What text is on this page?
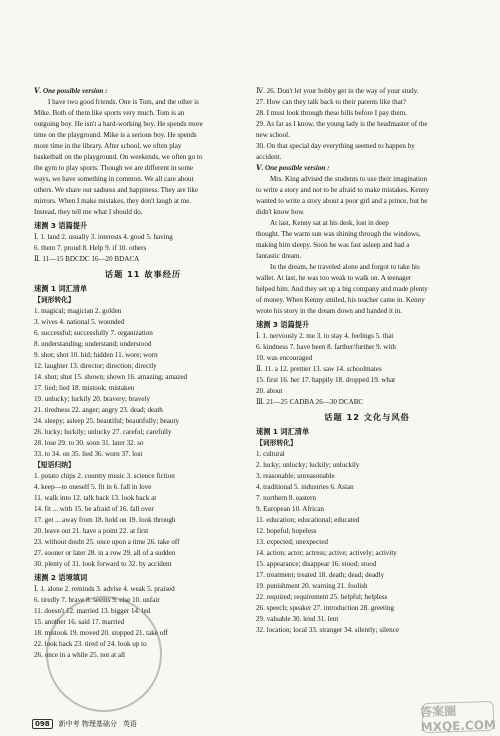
Ⅴ. One possible version :
I have two good friends. One is Tom, and the other is
Mike. Both of them like sports very much. Tom is an
outgoing boy. He isn't a hard-working boy. He spends more
time on the playground. Mike is a serious boy. He spends
more time in the library. After school, we often play
basketball on the playground. On weekends, we often go to
the gym to play sports. Though we are different in some
ways, we have something in common. We all care about
others. We share our sadness and happiness. They are like
mirrors. When I make mistakes, they don't laugh at me.
Instead, they tell me what I should do.
速测 3 语篇提升
Ⅰ. 1. land 2. usually 3. interests 4. good 5. having
6. them 7. proud 8. Help 9. if 10. others
Ⅱ. 11—15 BDCDC 16—20 BDACA
话题 11 故事经历
速测 1 词汇清单
【词形转化】
1. magical; magician 2. golden
3. wives 4. national 5. wounded
6. successful; successfully 7. organization
8. understanding; understand; understood
9. shot; shot 10. hid; hidden 11. wore; worn
12. laughter 13. director; direction; directly
14. shut; shut 15. shown; shown 16. amazing; amazed
17. lied; lied 18. mistook; mistaken
19. unlucky; luckily 20. bravery; bravely
21. tiredness 22. anger; angry 23. dead; death
24. sleepy; asleep 25. beautiful; beautifully; beauty
26. lucky; luckily; unlucky 27. careful; carefully
28. lose 29. to 30. soon 31. later 32. so
33. to 34. on 35. lied 36. worn 37. lost
【短语归纳】
1. potato chips 2. country music 3. science fiction
4. keep—to oneself 5. fit in 6. fall in love
11. walk into 12. talk back 13. look back at
14. fit ... with 15. be afraid of 16. fall over
17. get ... away from 18. hold on 19. look through
20. leave out 21. have a point 22. at first
23. without doubt 25. once upon a time 26. take off
27. sooner or later 28. in a row 29. all of a sudden
30. plenty of 31. look forward to 32. by accident
速测 2 语境填词
Ⅰ. 1. alone 2. reminds 3. advise 4. weak 5. praised
6. tiredly 7. brave 8. seems 9. else 10. unfair
11. doesn't 12. married 13. bigger 14. led
15. another 16. said 17. married
18. mistook 19. moved 20. stopped 21. take off
22. look back 23. tired of 24. look up to
26. once in a while 25. not at all
Ⅳ. 26. Don't let your hobby get in the way of your study.
27. How can they talk back to their parents like that?
28. I must look through these bills before I pay them.
29. As far as I know, the young lady is the headmaster of the
new school.
30. On that special day everything seemed to happen by
accident.
Ⅴ. One possible version :
Mrs. King advised the students to use their imagination
to write a story and not to be afraid to make mistakes. Kenny
wanted to write a story about a poor girl and a prince, but he
didn't know how.
At last, Kenny sat at his desk, lost in deep
thought. The warm sun was shining through the windows,
making him sleepy. Soon he was fast asleep and had a
fantastic dream.
In the dream, he traveled alone and forgot to take his
wallet. At last, he was too weak to walk on. A teenager
helped him. And they set up a big company and made plenty
of money. When Kenny smiled, his teacher came in. Kenny
wrote his story in the dream down and handed it in.
速测 3 语篇提升
Ⅰ. 1. nervously 2. me 3. to stay 4. feelings 5. that
6. kindness 7. have been 8. farther/further 9. with
10. was encouraged
Ⅱ. 11. a 12. prettier 13. saw 14. schoolmates
15. first 16. her 17. happily 18. dropped 19. what
20. about
Ⅲ. 21—25 CADBA 26—30 DCABC
话题 12 文化与风俗
速测 1 词汇清单
【词形转化】
1. cultural
2. lucky; unlucky; luckily; unluckily
3. reasonable; unreasonable
4. traditional 5. industries 6. Asian
7. northern 8. eastern
9. European 10. African
11. education; educational; educated
12. hopeful; hopeless
13. expected; unexpected
14. action; actor; actress; active; actively; activity
15. appearance; disappear 16. stood; stood
17. treatment; treated 18. death; dead; deadly
19. punishment 20. warning 21. foolish
22. required; requirement 25. helpful; helpless
26. speech; speaker 27. introduction 28. greeting
29. valuable 30. lend 31. lent
32. location; local 33. stranger 34. silently; silence
098	新中考 物理基础分 英语
答案圈 MXQE.COM
